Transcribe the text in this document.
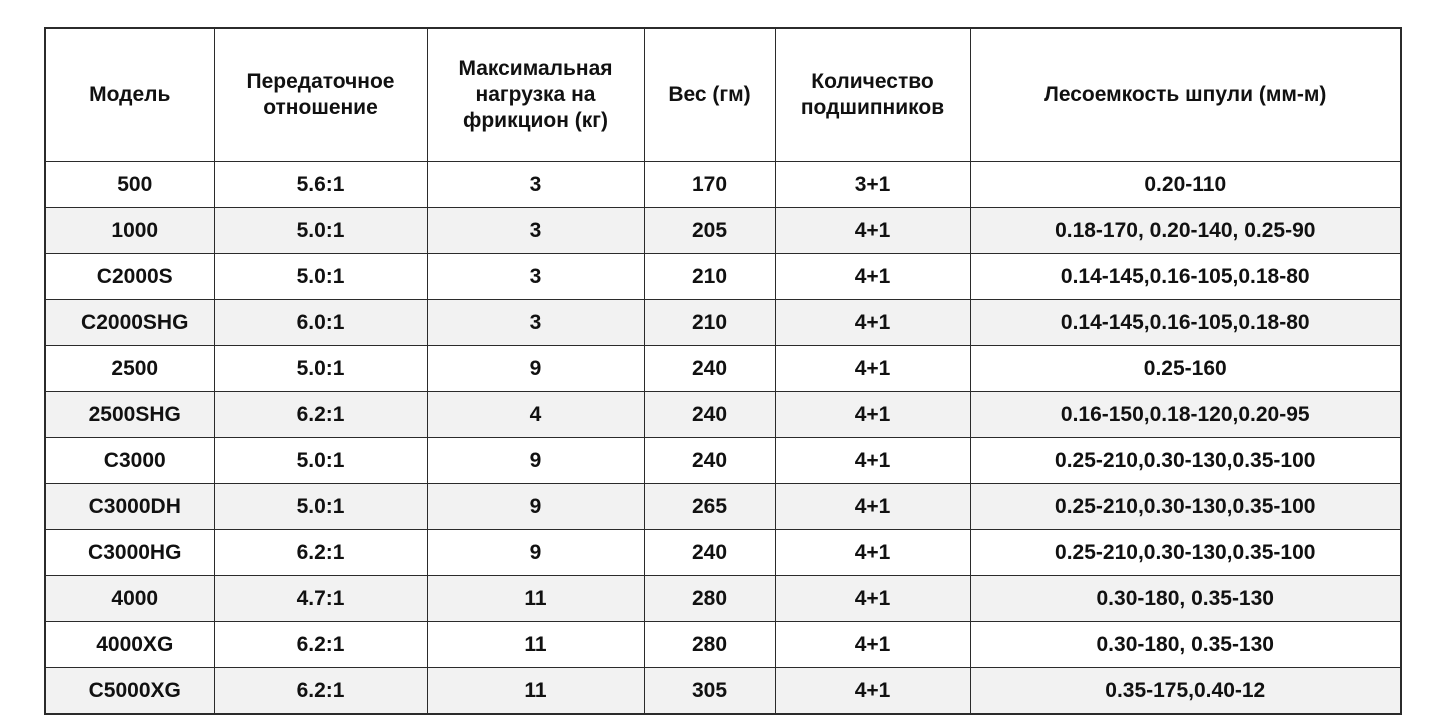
Модель	Передаточное отношение	Максимальная нагрузка на фрикцион (кг)	Вес (гм)	Количество подшипников	Лесоемкость шпули (мм-м)
500	5.6:1	3	170	3+1	0.20-110
1000	5.0:1	3	205	4+1	0.18-170, 0.20-140, 0.25-90
C2000S	5.0:1	3	210	4+1	0.14-145,0.16-105,0.18-80
C2000SHG	6.0:1	3	210	4+1	0.14-145,0.16-105,0.18-80
2500	5.0:1	9	240	4+1	0.25-160
2500SHG	6.2:1	4	240	4+1	0.16-150,0.18-120,0.20-95
C3000	5.0:1	9	240	4+1	0.25-210,0.30-130,0.35-100
C3000DH	5.0:1	9	265	4+1	0.25-210,0.30-130,0.35-100
C3000HG	6.2:1	9	240	4+1	0.25-210,0.30-130,0.35-100
4000	4.7:1	11	280	4+1	0.30-180, 0.35-130
4000XG	6.2:1	11	280	4+1	0.30-180, 0.35-130
C5000XG	6.2:1	11	305	4+1	0.35-175,0.40-12
